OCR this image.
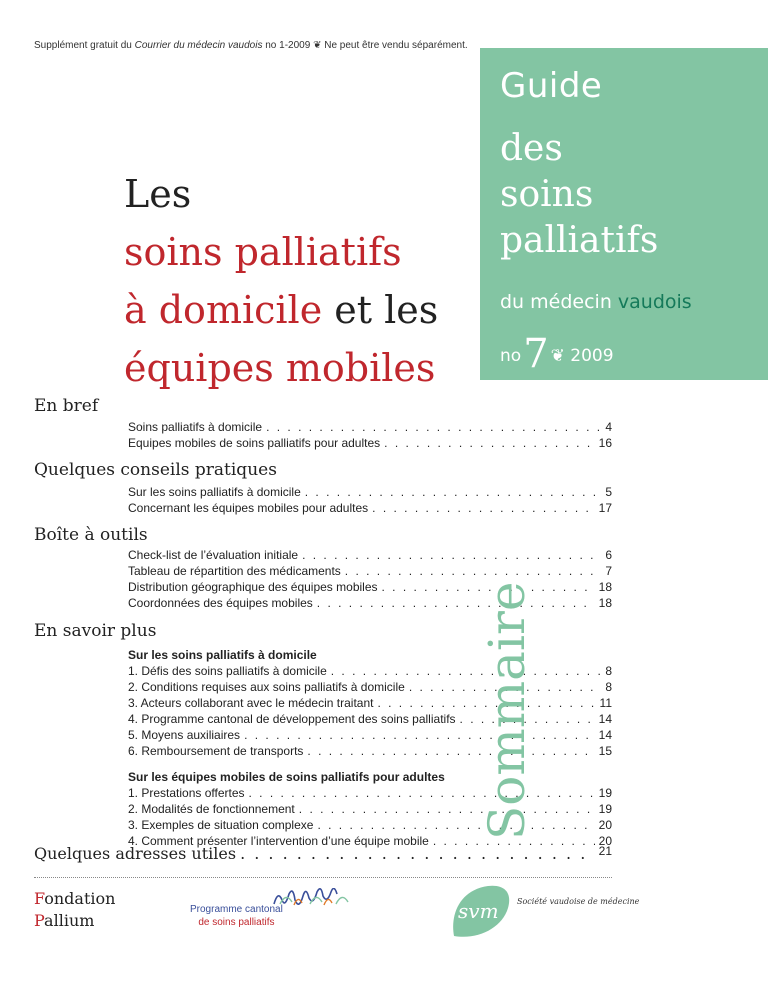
Supplément gratuit du Courrier du médecin vaudois no 1-2009 ❦ Ne peut être vendu séparément.
Guide
des
soins
palliatifs
du médecin vaudois
no7 ❦ 2009
Les
soins palliatifs
à domicile et les
équipes mobiles
En bref
Soins palliatifs à domicile . . .	4
Equipes mobiles de soins palliatifs pour adultes . . .	16
Quelques conseils pratiques
Sur les soins palliatifs à domicile . . .	5
Concernant les équipes mobiles pour adultes . . .	17
Boîte à outils
Check-list de l’évaluation initiale . . .	6
Tableau de répartition des médicaments . . .	7
Distribution géographique des équipes mobiles . . .	18
Coordonnées des équipes mobiles . . .	18
En savoir plus
Sur les soins palliatifs à domicile
1. Défis des soins palliatifs à domicile . . .	8
2. Conditions requises aux soins palliatifs à domicile . . .	8
3. Acteurs collaborant avec le médecin traitant . . .	11
4. Programme cantonal de développement des soins palliatifs . . .	14
5. Moyens auxiliaires . . .	14
6. Remboursement de transports . . .	15
Sur les équipes mobiles de soins palliatifs pour adultes
1. Prestations offertes . . .	19
2. Modalités de fonctionnement . . .	19
3. Exemples de situation complexe . . .	20
4. Comment présenter l’intervention d’une équipe mobile . . .	20
Quelques adresses utiles . . .	21
Sommaire
Fondation
Pallium
Programme cantonal
de soins palliatifs	svm Société vaudoise de médecine
